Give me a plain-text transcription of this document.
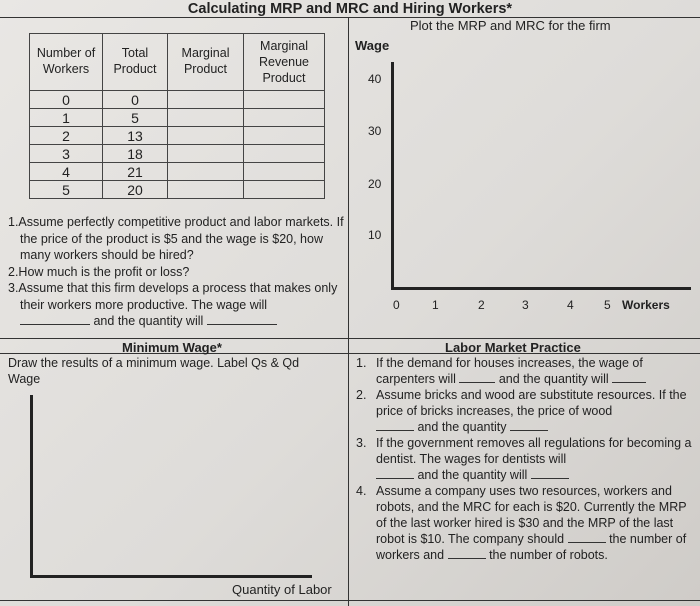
Calculating MRP and MRC and Hiring Workers*
Number of Workers	Total Product	Marginal Product	Marginal Revenue Product
0	0		
1	5		
2	13		
3	18		
4	21		
5	20		
1.Assume perfectly competitive product and labor markets. If the price of the product is $5 and the wage is $20, how many workers should be hired?
2.How much is the profit or loss?
3.Assume that this firm develops a process that makes only their workers more productive. The wage will
and the quantity will
Plot the MRP and MRC for the firm
Wage
40
30
20
10
0	1	2	3	4	5 Workers
Minimum Wage*
Draw the results of a minimum wage. Label Qs & Qd
Wage
Quantity of Labor
Labor Market Practice
1. If the demand for houses increases, the wage of carpenters will	and the quantity will
2. Assume bricks and wood are substitute resources. If the price of bricks increases, the price of wood
and the quantity
3. If the government removes all regulations for becoming a dentist. The wages for dentists will
and the quantity will
4. Assume a company uses two resources, workers and robots, and the MRC for each is $20. Currently the MRP of the last worker hired is $30 and the MRP of the last robot is $10. The company should	the number of workers and	the number of robots.
